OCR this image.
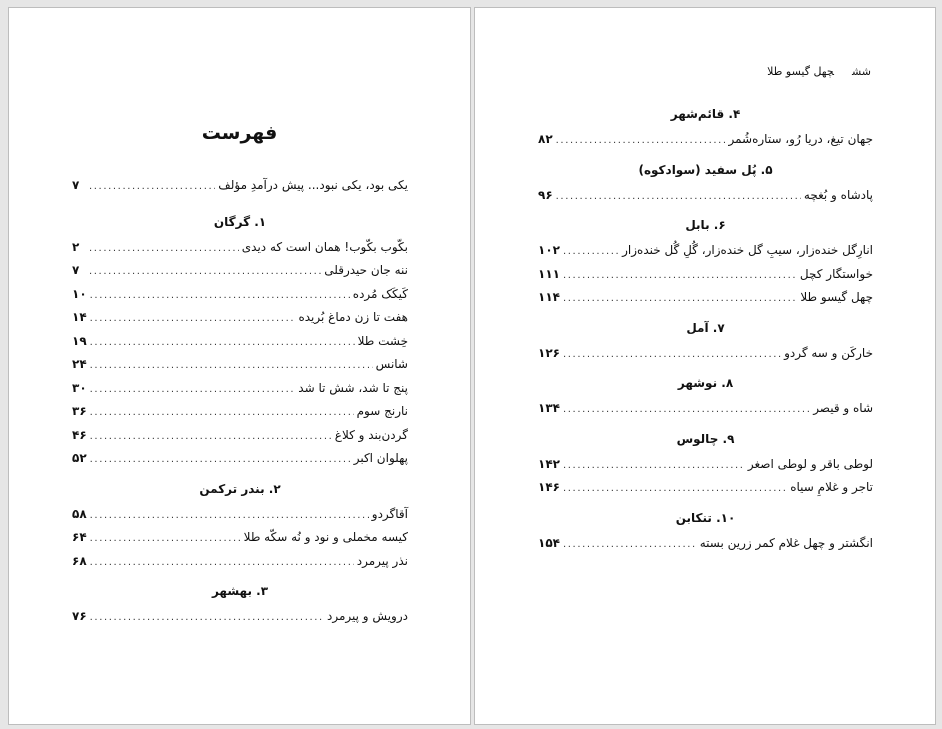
فهرست
یکی بود، یکی نبود... پیش درآمدِ مؤلف
.....
۷
۱. گرگان
بکّوب بکّوب! همان است که دیدی
.....
۲
ننه جان حیدرقلی
.....
۷
کَیکَک مُرده
.....
۱۰
هفت تا زن دماغ بُریده
.....
۱۴
خِشت طلا
.....
۱۹
شانس
.....
۲۴
پنج تا شد، شش تا شد
.....
۳۰
نارنج سوم
.....
۳۶
گردن‌بند و کلاغ
.....
۴۶
پهلوان اکبر
.....
۵۲
۲. بندر ترکمن
آقاگردو
.....
۵۸
کیسه مخملی و نود و نُه سکّه طلا
.....
۶۴
نذر پیرمرد
.....
۶۸
۳. بهشهر
درویش و پیرمرد
.....
۷۶
ششچهل گیسو طلا
۴. قائم‌شهر
جهان تیغ، دریا رُو، ستاره‌شُمر
.....
۸۲
۵. پُل سفید (سوادکوه)
پادشاه و بُغچه
.....
۹۶
۶. بابل
انارِگل خنده‌زار، سیبِ گل خنده‌زار، گُلِ گُل خنده‌زار
.....
۱۰۲
خواستگار کچل
.....
۱۱۱
چهل گیسو طلا
.....
۱۱۴
۷. آمل
خارکَن و سه گردو
.....
۱۲۶
۸. نوشهر
شاه و قیصر
.....
۱۳۴
۹. چالوس
لوطی باقر و لوطی اصغر
.....
۱۴۲
تاجر و غلامِ سیاه
.....
۱۴۶
۱۰. تنکابن
انگشتر و چهل غلام کمر زرین بسته
.....
۱۵۴
